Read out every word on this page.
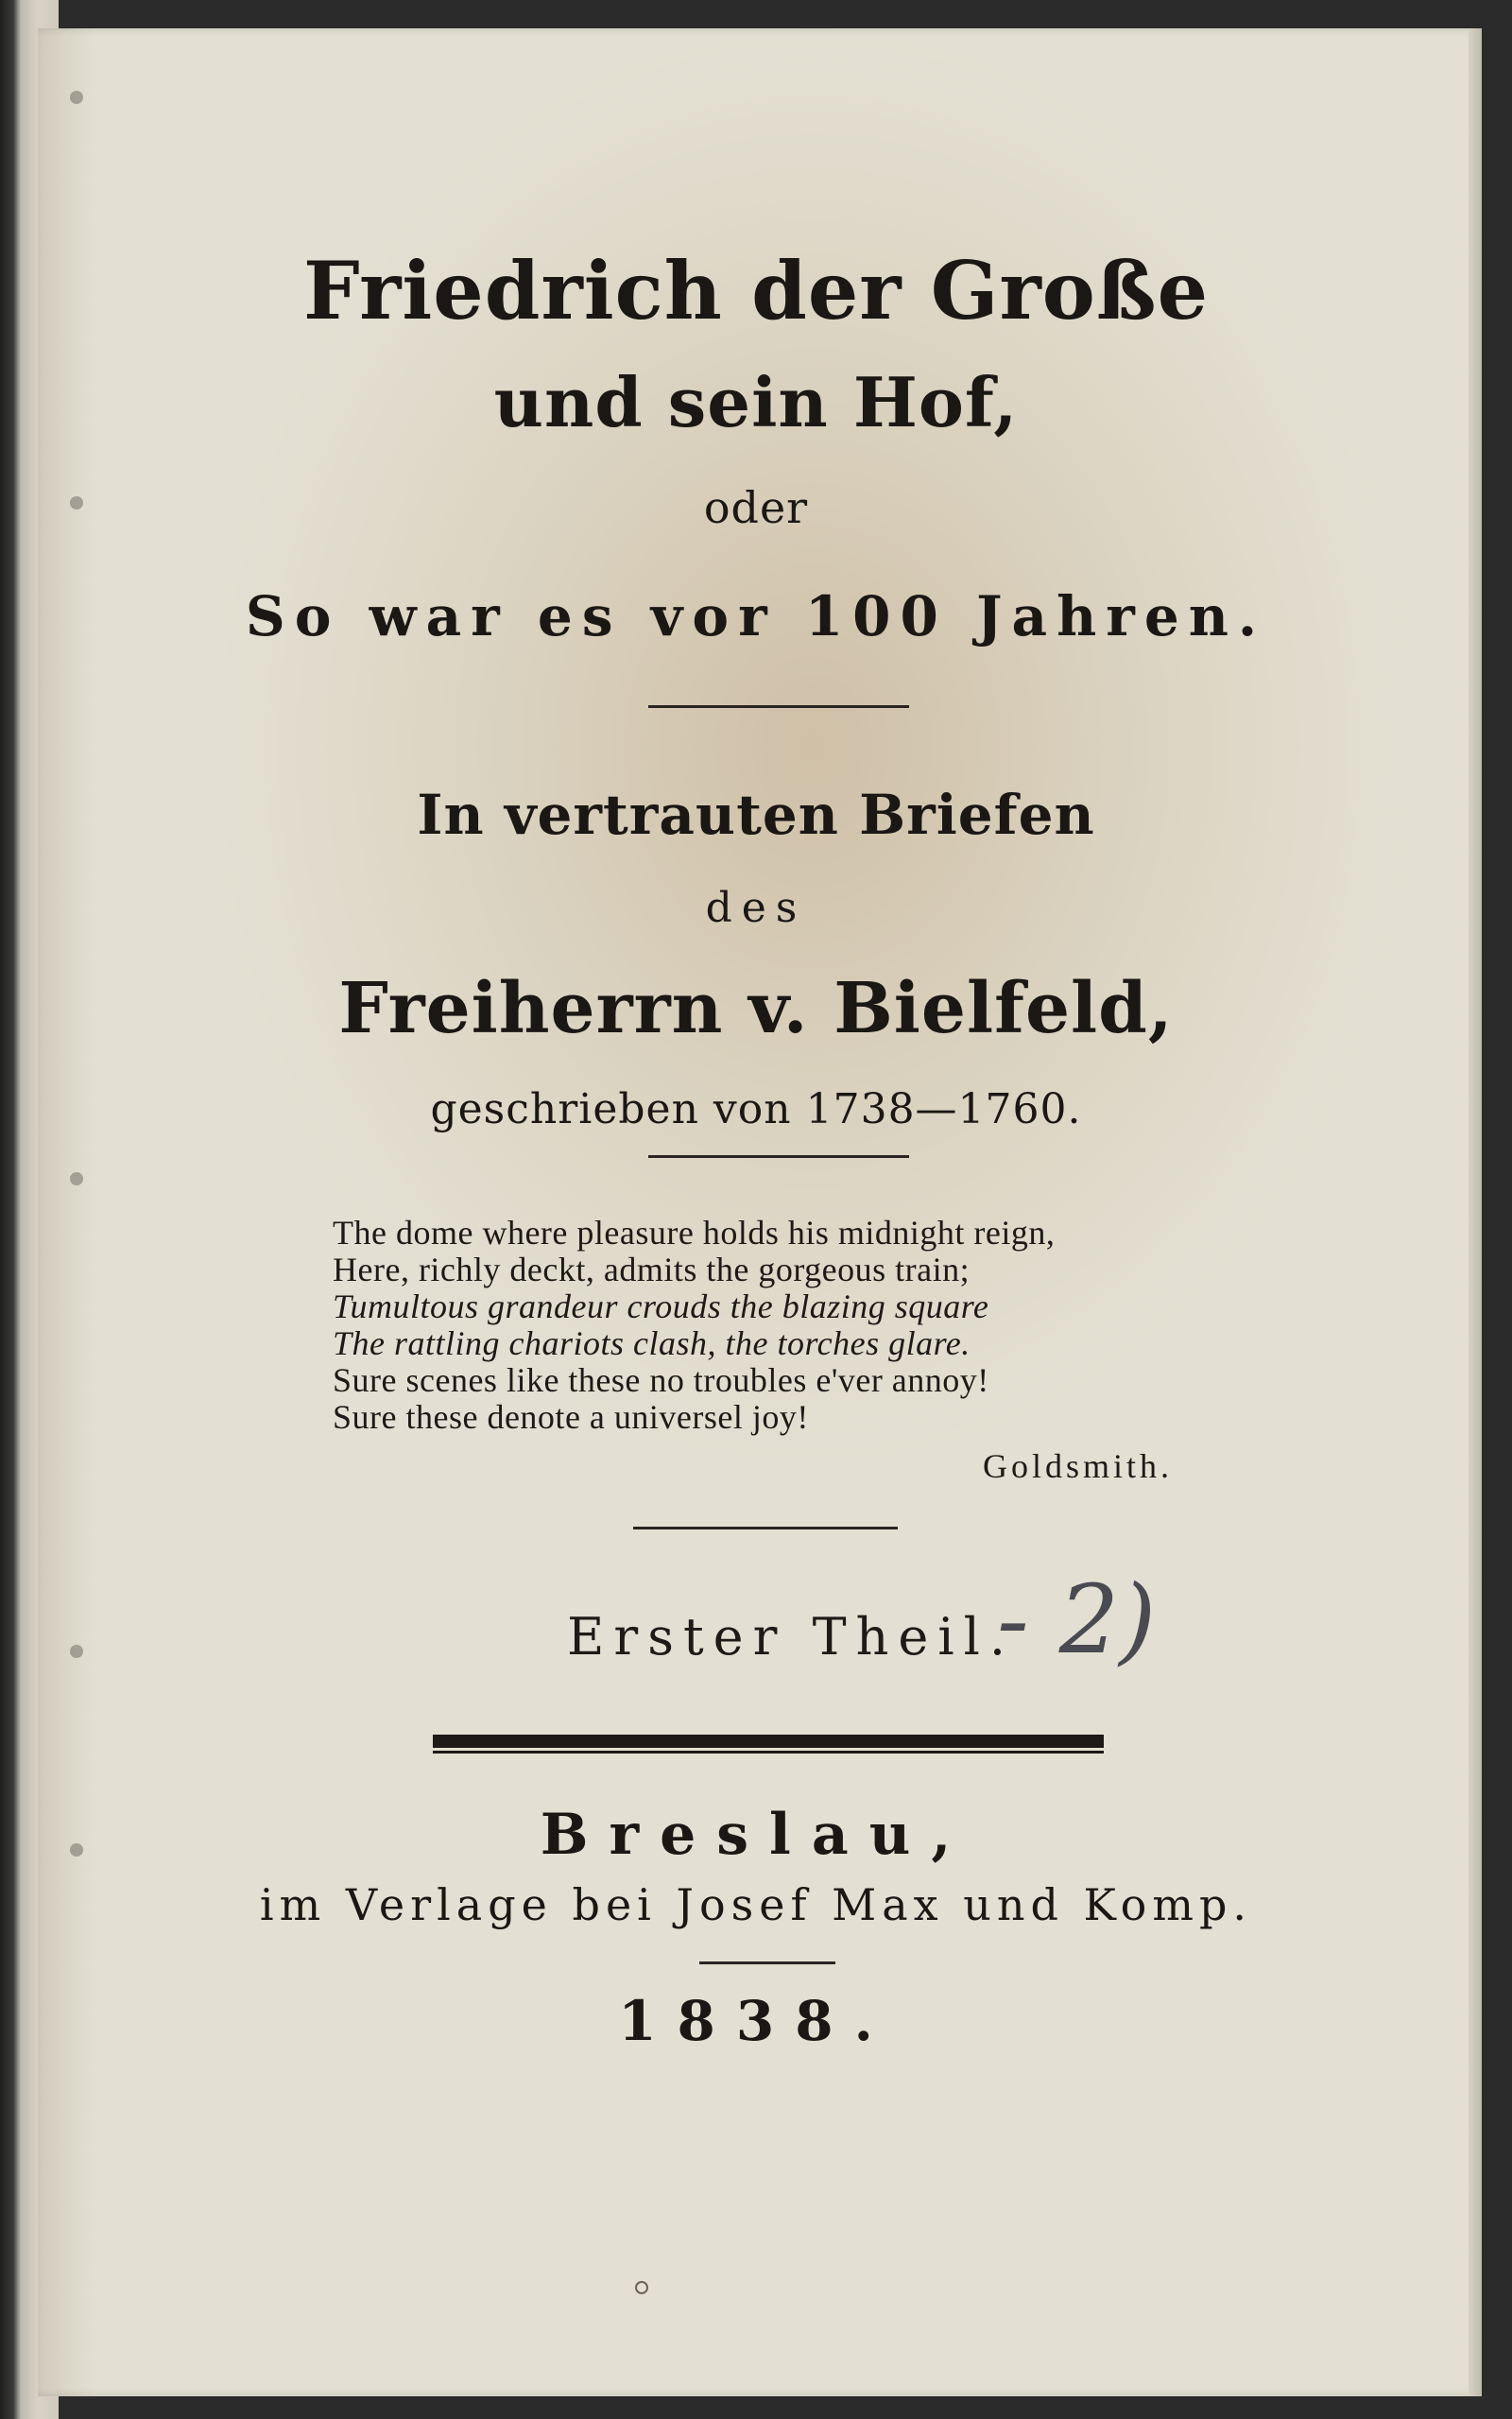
Friedrich der Große
und sein Hof,
oder
So war es vor 100 Jahren.
In vertrauten Briefen
des
Freiherrn v. Bielfeld,
geschrieben von 1738—1760.
The dome where pleasure holds his midnight reign,
Here, richly deckt, admits the gorgeous train;
Tumultous grandeur crouds the blazing square
The rattling chariots clash, the torches glare.
Sure scenes like these no troubles e'ver annoy!
Sure these denote a universel joy!
Goldsmith.
Erster Theil.
- 2)
Breslau,
im Verlage bei Josef Max und Komp.
1838.
